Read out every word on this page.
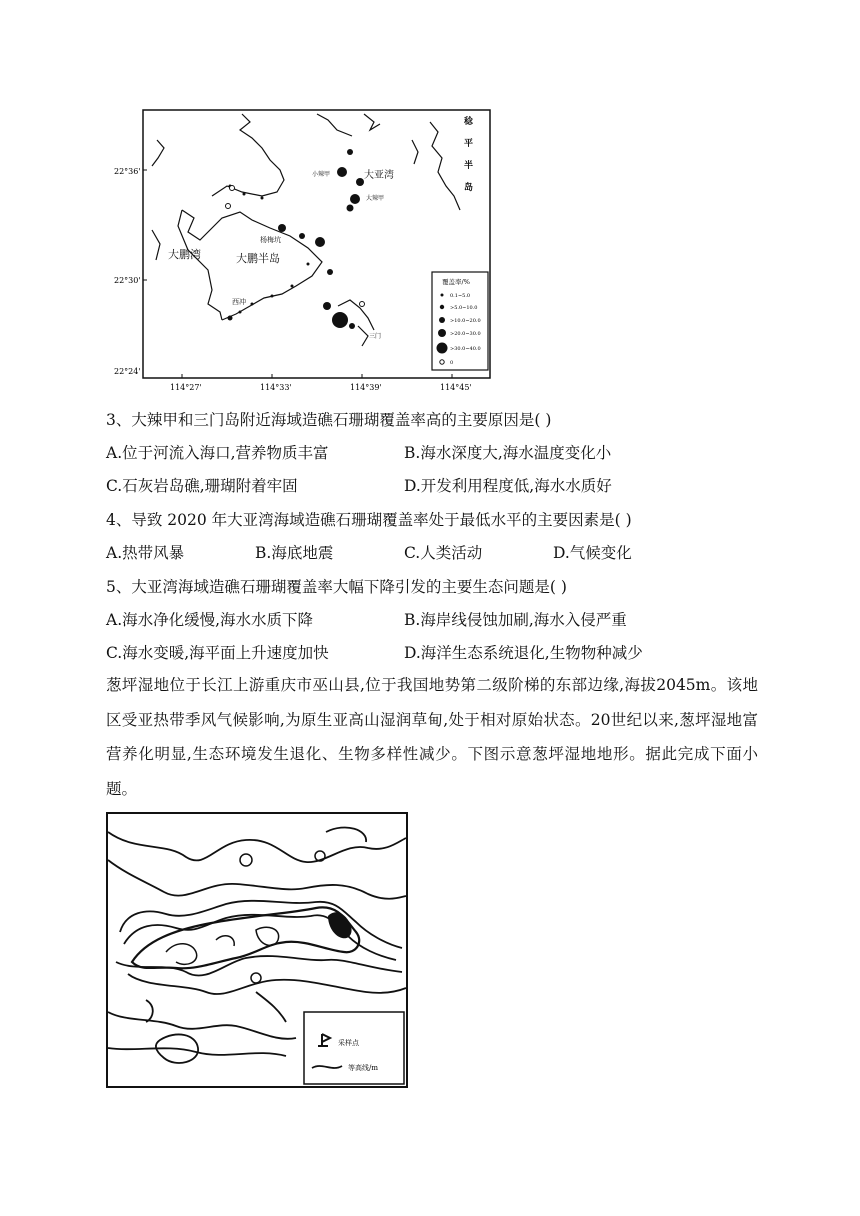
22°36'
22°30'
22°24'
114°27'	114°33'	114°39'	114°45'
稔
平
半
岛
大亚湾
小辣甲
大辣甲
杨梅坑
大鹏湾	大鹏半岛
西冲
三门
覆盖率/%
0.1~5.0
>5.0~10.0
>10.0~20.0
>20.0~30.0
>30.0~40.0
0
3、大辣甲和三门岛附近海域造礁石珊瑚覆盖率高的主要原因是( )
A.位于河流入海口,营养物质丰富	B.海水深度大,海水温度变化小
C.石灰岩岛礁,珊瑚附着牢固	D.开发利用程度低,海水水质好
4、导致 2020 年大亚湾海域造礁石珊瑚覆盖率处于最低水平的主要因素是( )
A.热带风暴	B.海底地震	C.人类活动	D.气候变化
5、大亚湾海域造礁石珊瑚覆盖率大幅下降引发的主要生态问题是( )
A.海水净化缓慢,海水水质下降	B.海岸线侵蚀加刷,海水入侵严重
C.海水变暖,海平面上升速度加快	D.海洋生态系统退化,生物物种减少
葱坪湿地位于长江上游重庆市巫山县,位于我国地势第二级阶梯的东部边缘,海拔2045m。该地区受亚热带季风气候影响,为原生亚高山湿润草甸,处于相对原始状态。20世纪以来,葱坪湿地富营养化明显,生态环境发生退化、生物多样性减少。下图示意葱坪湿地地形。据此完成下面小题。
采样点
等高线/m
